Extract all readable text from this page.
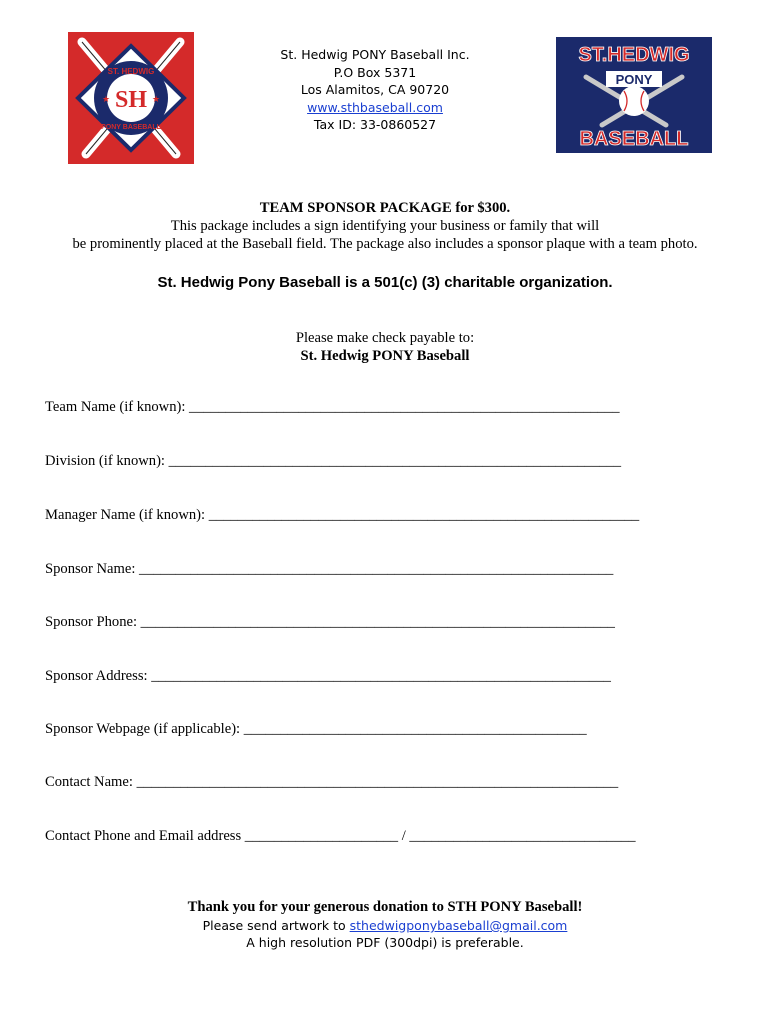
ST. HEDWIG
PONY BASEBALL
SH
★	★
St. Hedwig PONY Baseball Inc.
P.O Box 5371
Los Alamitos, CA 90720
www.sthbaseball.com
Tax ID: 33-0860527
ST.HEDWIG
PONY
BASEBALL
TEAM SPONSOR PACKAGE for $300.
This package includes a sign identifying your business or family that will
be prominently placed at the Baseball field. The package also includes a sponsor plaque with a team photo.
St. Hedwig Pony Baseball is a 501(c) (3) charitable organization.
Please make check payable to:
St. Hedwig PONY Baseball
Team Name (if known): ___________________________________________________________
Division (if known): ______________________________________________________________
Manager Name (if known): ___________________________________________________________
Sponsor Name: _________________________________________________________________
Sponsor Phone: _________________________________________________________________
Sponsor Address: _______________________________________________________________
Sponsor Webpage (if applicable): _______________________________________________
Contact Name: __________________________________________________________________
Contact Phone and Email address _____________________ / _______________________________
Thank you for your generous donation to STH PONY Baseball!
Please send artwork to sthedwigponybaseball@gmail.com
A high resolution PDF (300dpi) is preferable.
